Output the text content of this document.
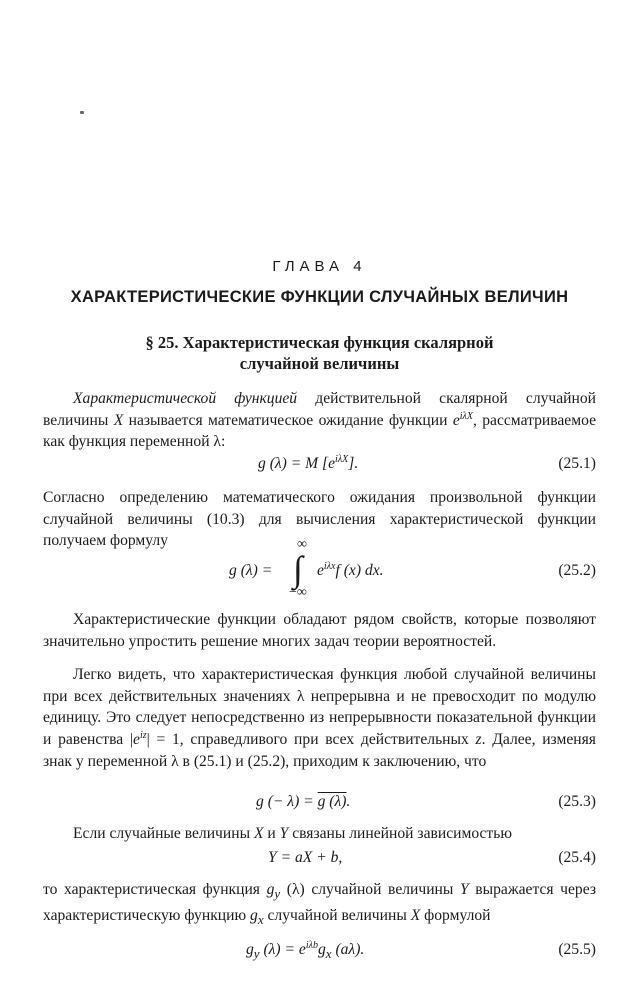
ГЛАВА 4
ХАРАКТЕРИСТИЧЕСКИЕ ФУНКЦИИ СЛУЧАЙНЫХ ВЕЛИЧИН
§ 25. Характеристическая функция скалярной
случайной величины
Характеристической функцией действительной скалярной случайной величины X называется математическое ожидание функции $e^{i\lambda X}$, рассматриваемое как функция переменной λ:
g (λ) = M $[e^{i\lambda X}]$.	(25.1)
Согласно определению математического ожидания произвольной функции случайной величины (10.3) для вычисления характеристической функции получаем формулу
g (λ) = ∫
∞
−∞
$e^{i\lambda x}f$ (x) dx.	(25.2)
Характеристические функции обладают рядом свойств, которые позволяют значительно упростить решение многих задач теории вероятностей.
Легко видеть, что характеристическая функция любой случайной величины при всех действительных значениях λ непрерывна и не превосходит по модулю единицу. Это следует непосредственно из непрерывности показательной функции и равенства $|e^{iz}| = 1$, справедливого при всех действительных z. Далее, изменяя знак у переменной λ в (25.1) и (25.2), приходим к заключению, что
g (− λ) = g (λ).	(25.3)
Если случайные величины X и Y связаны линейной зависимостью
Y = aX + b,	(25.4)
то характеристическая функция $g_y$ (λ) случайной величины Y выражается через характеристическую функцию $g_x$ случайной величины X формулой
$g_y$ $(\lambda) = e^{i\lambda b}g_x$ (aλ).	(25.5)
